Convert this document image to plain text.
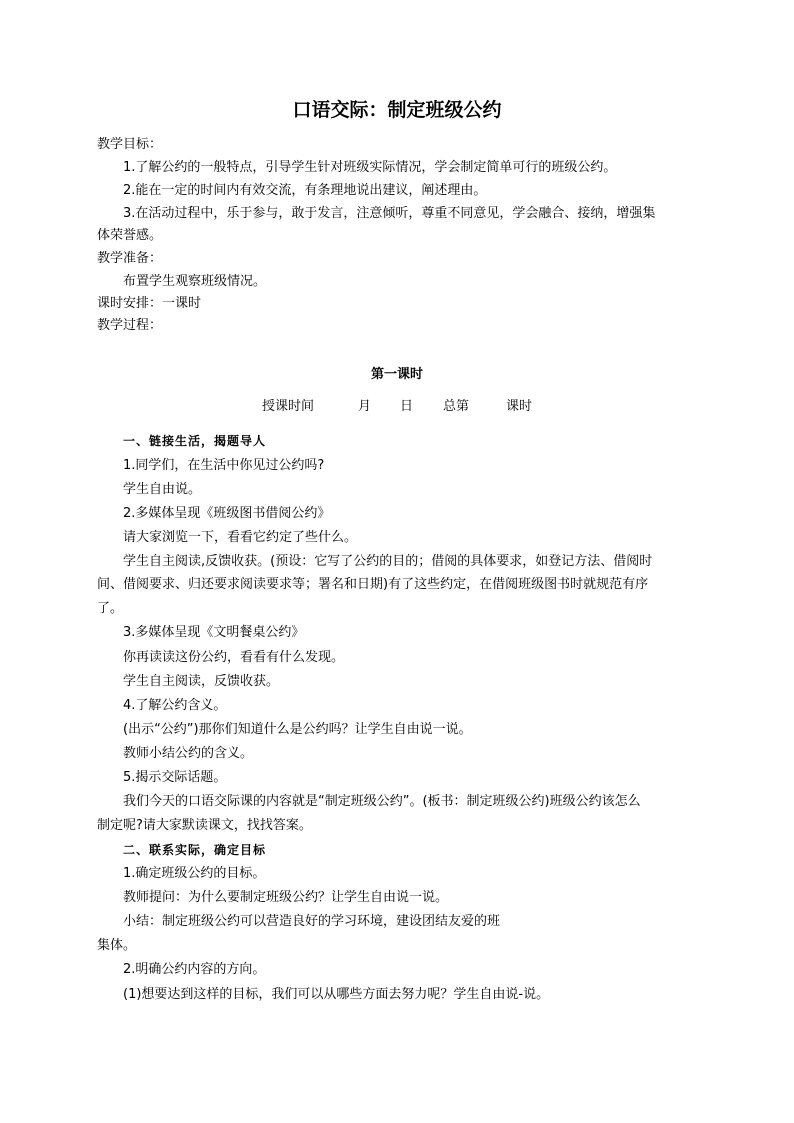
口语交际：制定班级公约
教学目标：
1.了解公约的一般特点，引导学生针对班级实际情况，学会制定简单可行的班级公约。
2.能在一定的时间内有效交流，有条理地说出建议，阐述理由。
3.在活动过程中，乐于参与，敢于发言，注意倾听，尊重不同意见，学会融合、接纳，增强集
体荣誉感。
教学准备：
布置学生观察班级情况。
课时安排：一课时
教学过程：
第一课时
授课时间	月 日 总第	课时
一、链接生活，揭题导人
1.同学们，在生活中你见过公约吗?
学生自由说。
2.多媒体呈现《班级图书借阅公约》
请大家浏览一下，看看它约定了些什么。
学生自主阅读,反馈收获。(预设：它写了公约的目的；借阅的具体要求，如登记方法、借阅时
间、借阅要求、归还要求阅读要求等；署名和日期)有了这些约定，在借阅班级图书时就规范有序
了。
3.多媒体呈现《文明餐桌公约》
你再读读这份公约，看看有什么发现。
学生自主阅读，反馈收获。
4.了解公约含义。
(出示“公约”)那你们知道什么是公约吗？让学生自由说一说。
教师小结公约的含义。
5.揭示交际话题。
我们今天的口语交际课的内容就是“制定班级公约”。(板书：制定班级公约)班级公约该怎么
制定呢?请大家默读课文，找找答案。
二、联系实际，确定目标
1.确定班级公约的目标。
教师提问：为什么要制定班级公约？让学生自由说一说。
小结：制定班级公约可以营造良好的学习环境，建设团结友爱的班
集体。
2.明确公约内容的方向。
(1)想要达到这样的目标，我们可以从哪些方面去努力呢？学生自由说-说。
